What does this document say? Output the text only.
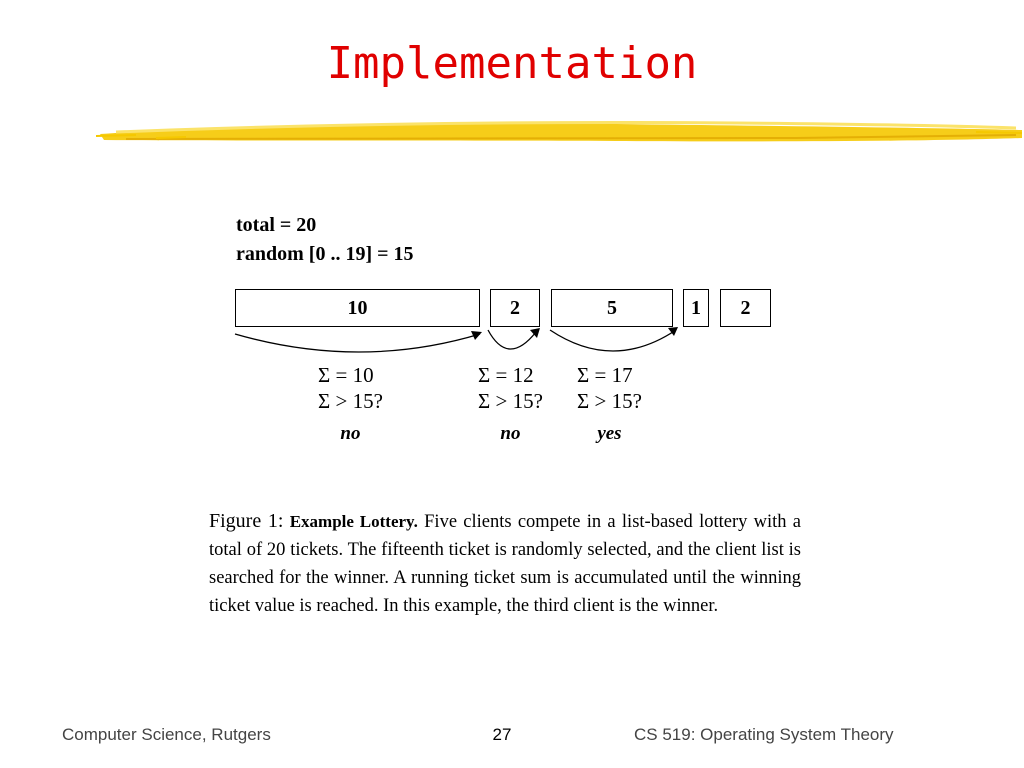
Implementation
total = 20
random [0 .. 19] = 15
10	2	5	1	2
Σ = 10
Σ > 15?
no
Σ = 12
Σ > 15?
no
Σ = 17
Σ > 15?
yes
Figure 1: Example Lottery. Five clients compete in a list-based lottery with a total of 20 tickets. The fifteenth ticket is randomly selected, and the client list is searched for the winner. A running ticket sum is accumulated until the winning ticket value is reached. In this example, the third client is the winner.
Computer Science, Rutgers	27	CS 519: Operating System Theory
